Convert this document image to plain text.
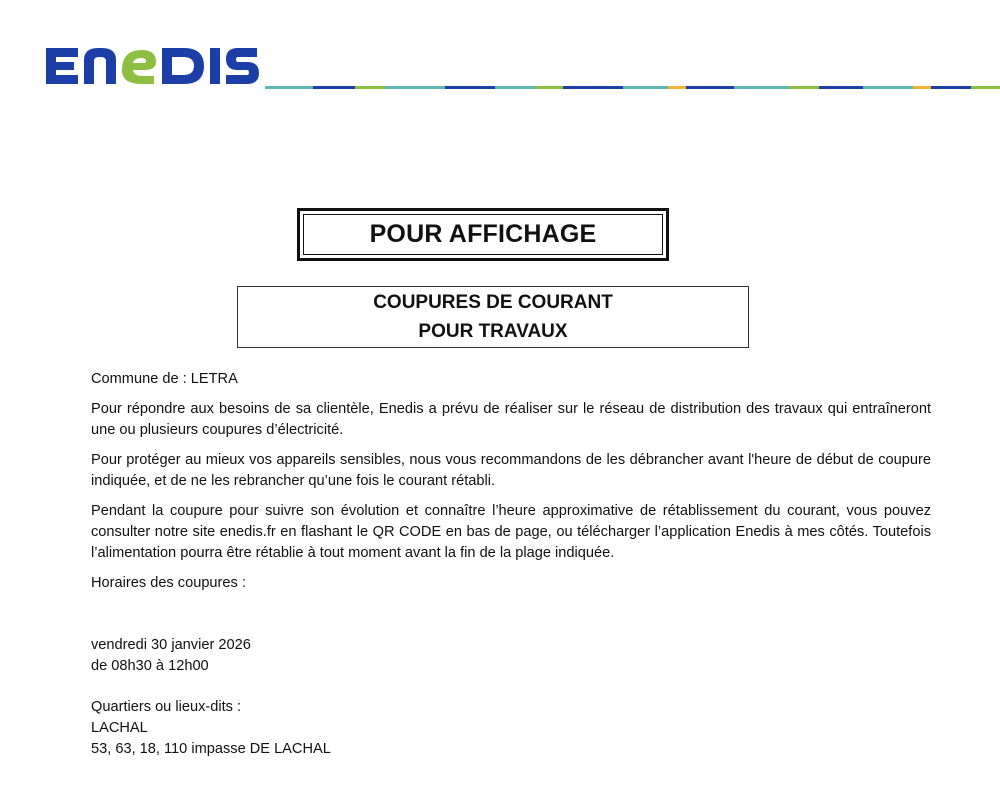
POUR AFFICHAGE
COUPURES DE COURANT
POUR TRAVAUX

Commune de : LETRA

Pour répondre aux besoins de sa clientèle, Enedis a prévu de réaliser sur le réseau de distribution des travaux qui entraîneront une ou plusieurs coupures d’électricité.

Pour protéger au mieux vos appareils sensibles, nous vous recommandons de les débrancher avant l'heure de début de coupure indiquée, et de ne les rebrancher qu’une fois le courant rétabli.

Pendant la coupure pour suivre son évolution et connaître l’heure approximative de rétablissement du courant, vous pouvez consulter notre site enedis.fr en flashant le QR CODE en bas de page, ou télécharger l’application Enedis à mes côtés. Toutefois l’alimentation pourra être rétablie à tout moment avant la fin de la plage indiquée.

Horaires des coupures :

vendredi 30 janvier 2026

de 08h30 à 12h00

Quartiers ou lieux-dits :

LACHAL

53, 63, 18, 110 impasse DE LACHAL
